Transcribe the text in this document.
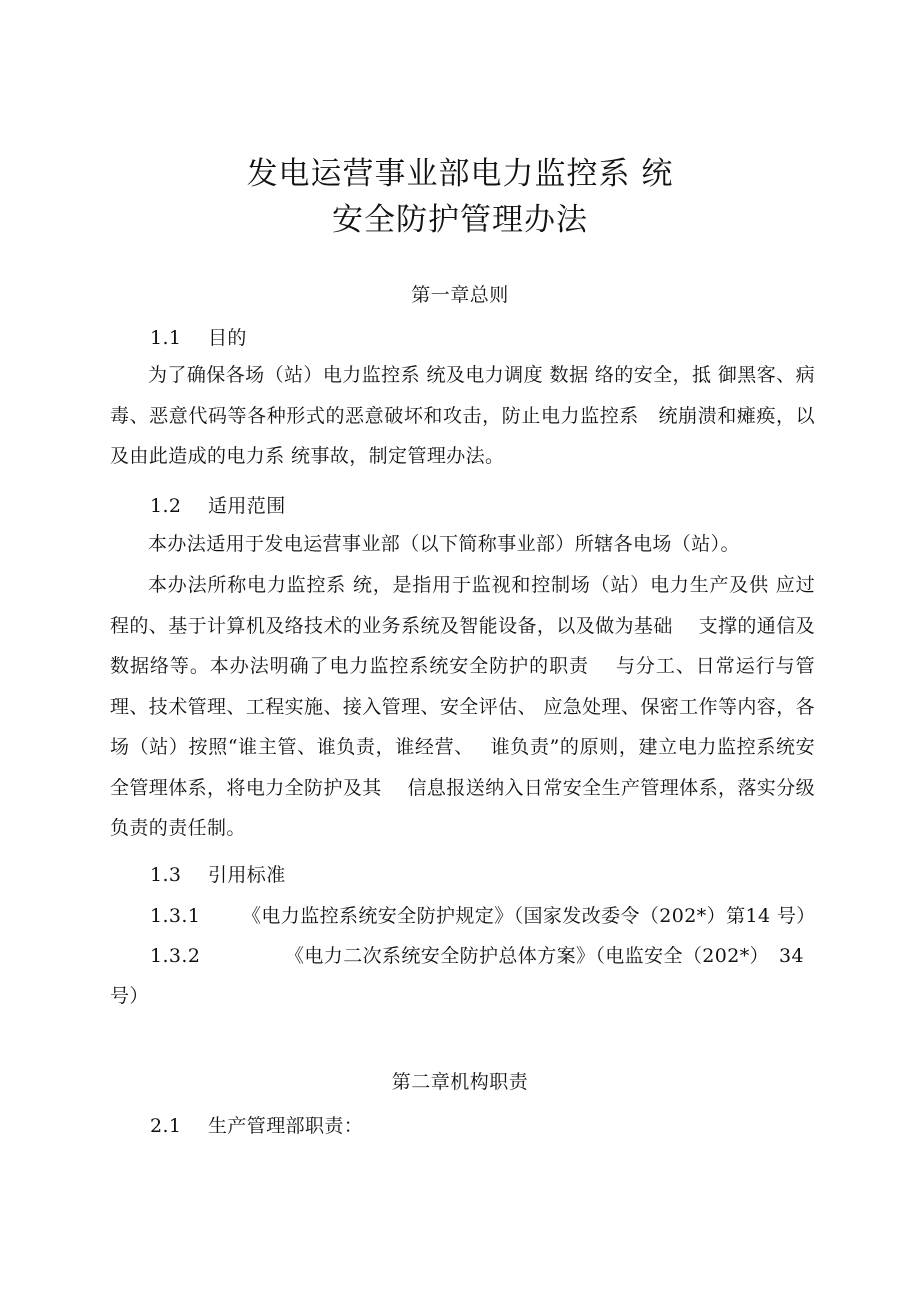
发电运营事业部电力监控系 统
安全防护管理办法
第一章总则
1.1 目的
为了确保各场（站）电力监控系 统及电力调度 数据 络的安全，抵 御黑客、病毒、恶意代码等各种形式的恶意破坏和攻击，防止电力监控系　统崩溃和瘫痪，以及由此造成的电力系 统事故，制定管理办法。
1.2 适用范围
本办法适用于发电运营事业部（以下简称事业部）所辖各电场（站）。
本办法所称电力监控系 统，是指用于监视和控制场（站）电力生产及供 应过程的、基于计算机及络技术的业务系统及智能设备，以及做为基础　 支撑的通信及数据络等。本办法明确了电力监控系统安全防护的职责　 与分工、日常运行与管理、技术管理、工程实施、接入管理、安全评估、 应急处理、保密工作等内容，各场（站）按照“谁主管、谁负责，谁经营、　 谁负责”的原则，建立电力监控系统安全管理体系，将电力全防护及其　 信息报送纳入日常安全生产管理体系，落实分级负责的责任制。
1.3 引用标准
1.3.1 《电力监控系统安全防护规定》（国家发改委令（202*）第14 号）
1.3.2	《电力二次系统安全防护总体方案》（电监安全（202*）　34
号）
第二章机构职责
2.1 生产管理部职责：
